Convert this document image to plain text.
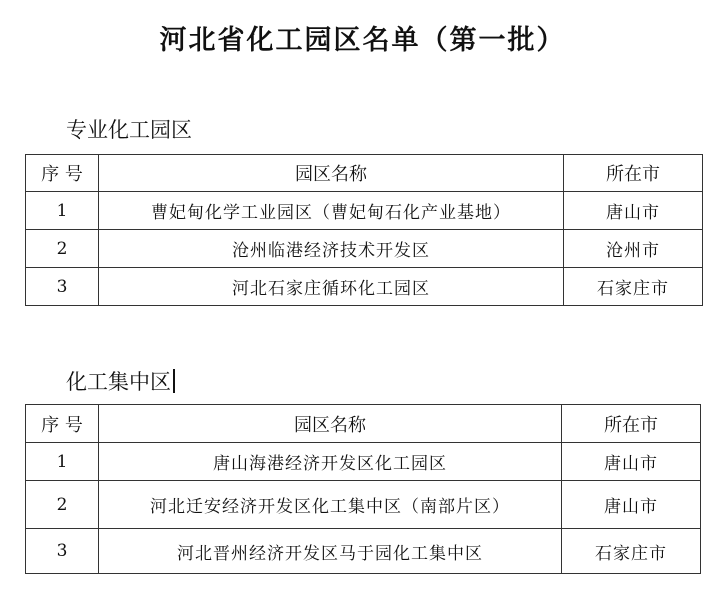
河北省化工园区名单（第一批）
专业化工园区
序 号	园区名称	所在市
1	曹妃甸化学工业园区（曹妃甸石化产业基地）	唐山市
2	沧州临港经济技术开发区	沧州市
3	河北石家庄循环化工园区	石家庄市
化工集中区
序 号	园区名称	所在市
1	唐山海港经济开发区化工园区	唐山市
2	河北迁安经济开发区化工集中区（南部片区）	唐山市
3	河北晋州经济开发区马于园化工集中区	石家庄市
